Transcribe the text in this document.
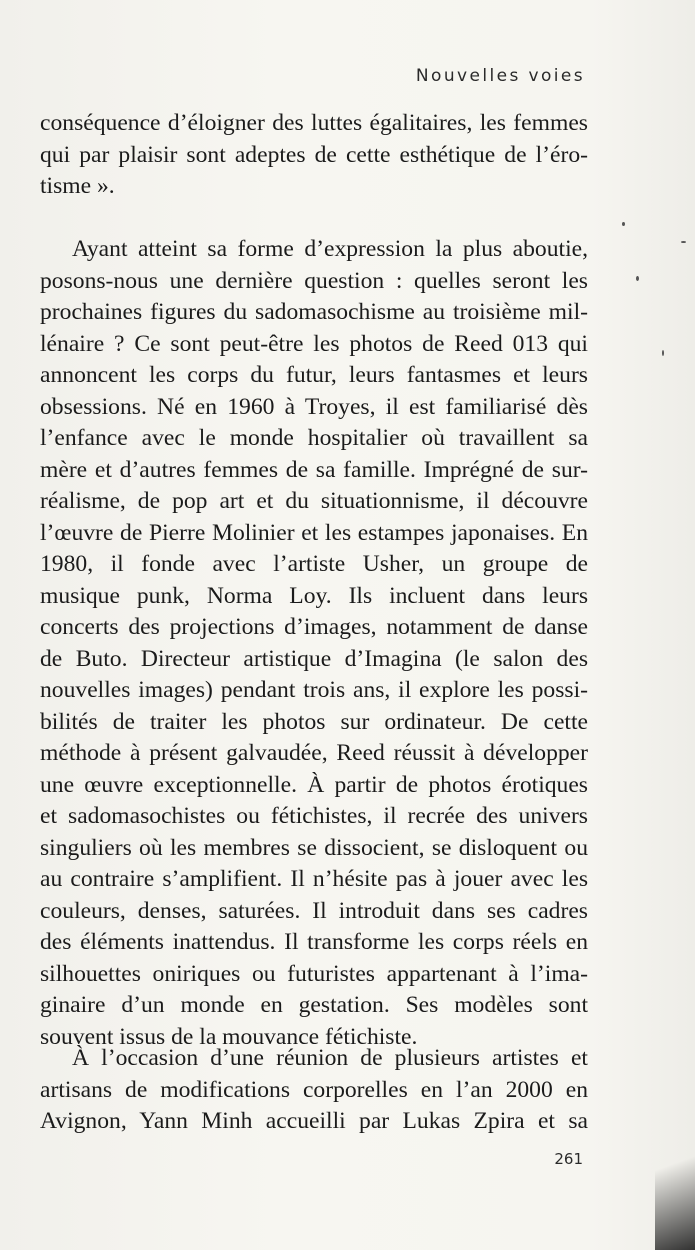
Nouvelles voies
conséquence d’éloigner des luttes égalitaires, les femmes
qui par plaisir sont adeptes de cette esthétique de l’éro-
tisme ».
Ayant atteint sa forme d’expression la plus aboutie,
posons-nous une dernière question : quelles seront les
prochaines figures du sadomasochisme au troisième mil-
lénaire ? Ce sont peut-être les photos de Reed 013 qui
annoncent les corps du futur, leurs fantasmes et leurs
obsessions. Né en 1960 à Troyes, il est familiarisé dès
l’enfance avec le monde hospitalier où travaillent sa
mère et d’autres femmes de sa famille. Imprégné de sur-
réalisme, de pop art et du situationnisme, il découvre
l’œuvre de Pierre Molinier et les estampes japonaises. En
1980, il fonde avec l’artiste Usher, un groupe de
musique punk, Norma Loy. Ils incluent dans leurs
concerts des projections d’images, notamment de danse
de Buto. Directeur artistique d’Imagina (le salon des
nouvelles images) pendant trois ans, il explore les possi-
bilités de traiter les photos sur ordinateur. De cette
méthode à présent galvaudée, Reed réussit à développer
une œuvre exceptionnelle. À partir de photos érotiques
et sadomasochistes ou fétichistes, il recrée des univers
singuliers où les membres se dissocient, se disloquent ou
au contraire s’amplifient. Il n’hésite pas à jouer avec les
couleurs, denses, saturées. Il introduit dans ses cadres
des éléments inattendus. Il transforme les corps réels en
silhouettes oniriques ou futuristes appartenant à l’ima-
ginaire d’un monde en gestation. Ses modèles sont
souvent issus de la mouvance fétichiste.
À l’occasion d’une réunion de plusieurs artistes et
artisans de modifications corporelles en l’an 2000 en
Avignon, Yann Minh accueilli par Lukas Zpira et sa
261
